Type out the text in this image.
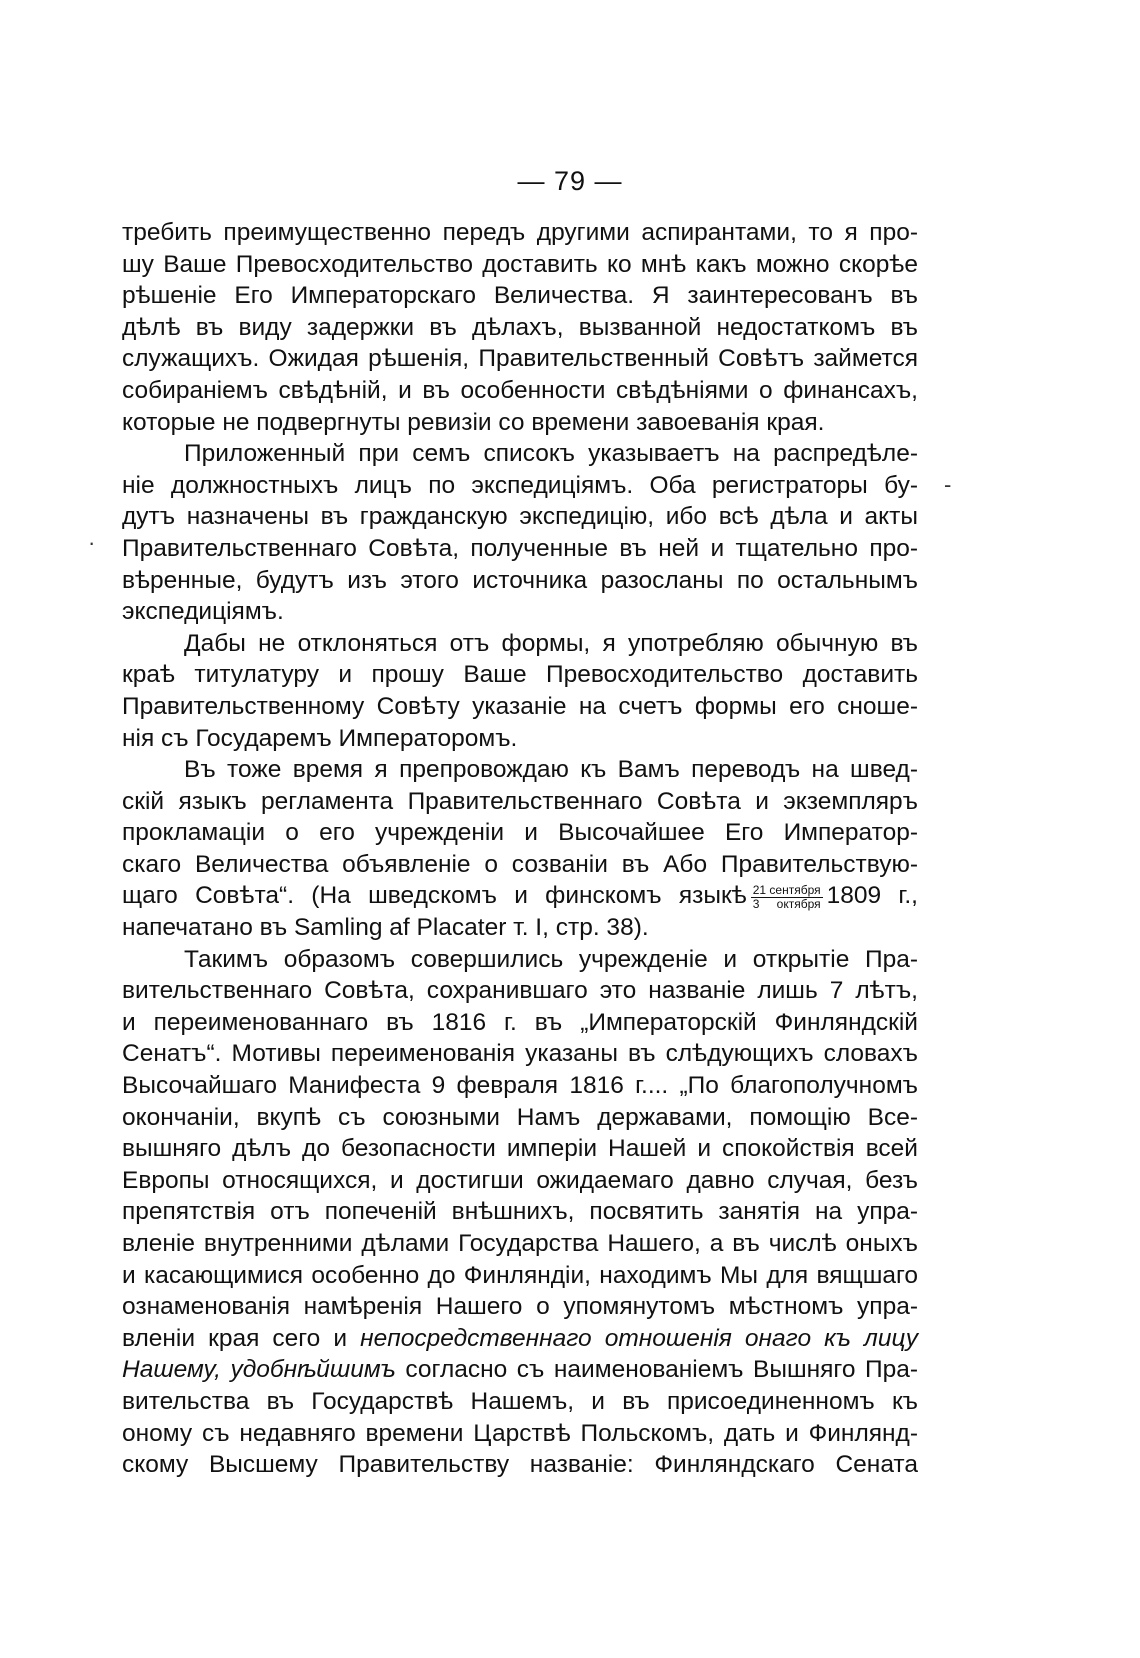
— 79 —
требить преимущественно передъ другими аспирантами, то я про-
шу Ваше Превосходительство доставить ко мнѣ какъ можно скорѣе
рѣшеніе Его Императорскаго Величества. Я заинтересованъ въ
дѣлѣ въ виду задержки въ дѣлахъ, вызванной недостаткомъ въ
служащихъ. Ожидая рѣшенія, Правительственный Совѣтъ займется
собираніемъ свѣдѣній, и въ особенности свѣдѣніями о финансахъ,
которые не подвергнуты ревизіи со времени завоеванія края.
Приложенный при семъ списокъ указываетъ на распредѣле-
ніе должностныхъ лицъ по экспедиціямъ. Оба регистраторы бу-
дутъ назначены въ гражданскую экспедицію, ибо всѣ дѣла и акты
Правительственнаго Совѣта, полученные въ ней и тщательно про-
вѣренные, будутъ изъ этого источника разосланы по остальнымъ
экспедиціямъ.
Дабы не отклоняться отъ формы, я употребляю обычную въ
краѣ титулатуру и прошу Ваше Превосходительство доставить
Правительственному Совѣту указаніе на счетъ формы его сноше-
нія съ Государемъ Императоромъ.
Въ тоже время я препровождаю къ Вамъ переводъ на швед-
скій языкъ регламента Правительственнаго Совѣта и экземпляръ
прокламаціи о его учрежденіи и Высочайшее Его Император-
скаго Величества объявленіе о созваніи въ Або Правительствую-
щаго Совѣта“. (На шведскомъ и финскомъ языкѣ $\frac{\text{21 сентября}}{\text{3 октября}} 1809$ г.,
напечатано въ Samling af Placater т. I, стр. 38).
Такимъ образомъ совершились учрежденіе и открытіе Пра-
вительственнаго Совѣта, сохранившаго это названіе лишь 7 лѣтъ,
и переименованнаго въ 1816 г. въ „Императорскій Финляндскій
Сенатъ“. Мотивы переименованія указаны въ слѣдующихъ словахъ
Высочайшаго Манифеста 9 февраля 1816 г.... „По благополучномъ
окончаніи, вкупѣ съ союзными Намъ державами, помощію Все-
вышняго дѣлъ до безопасности имперіи Нашей и спокойствія всей
Европы относящихся, и достигши ожидаемаго давно случая, безъ
препятствія отъ попеченій внѣшнихъ, посвятить занятія на упра-
вленіе внутренними дѣлами Государства Нашего, а въ числѣ оныхъ
и касающимися особенно до Финляндіи, находимъ Мы для вящшаго
ознаменованія намѣренія Нашего о упомянутомъ мѣстномъ упра-
вленіи края сего и непосредственнаго отношенія онаго къ лицу
Нашему, удобнѣйшимъ согласно съ наименованіемъ Вышняго Пра-
вительства въ Государствѣ Нашемъ, и въ присоединенномъ къ
оному съ недавняго времени Царствѣ Польскомъ, дать и Финлянд-
скому Высшему Правительству названіе: Финляндскаго Сената
-
·
